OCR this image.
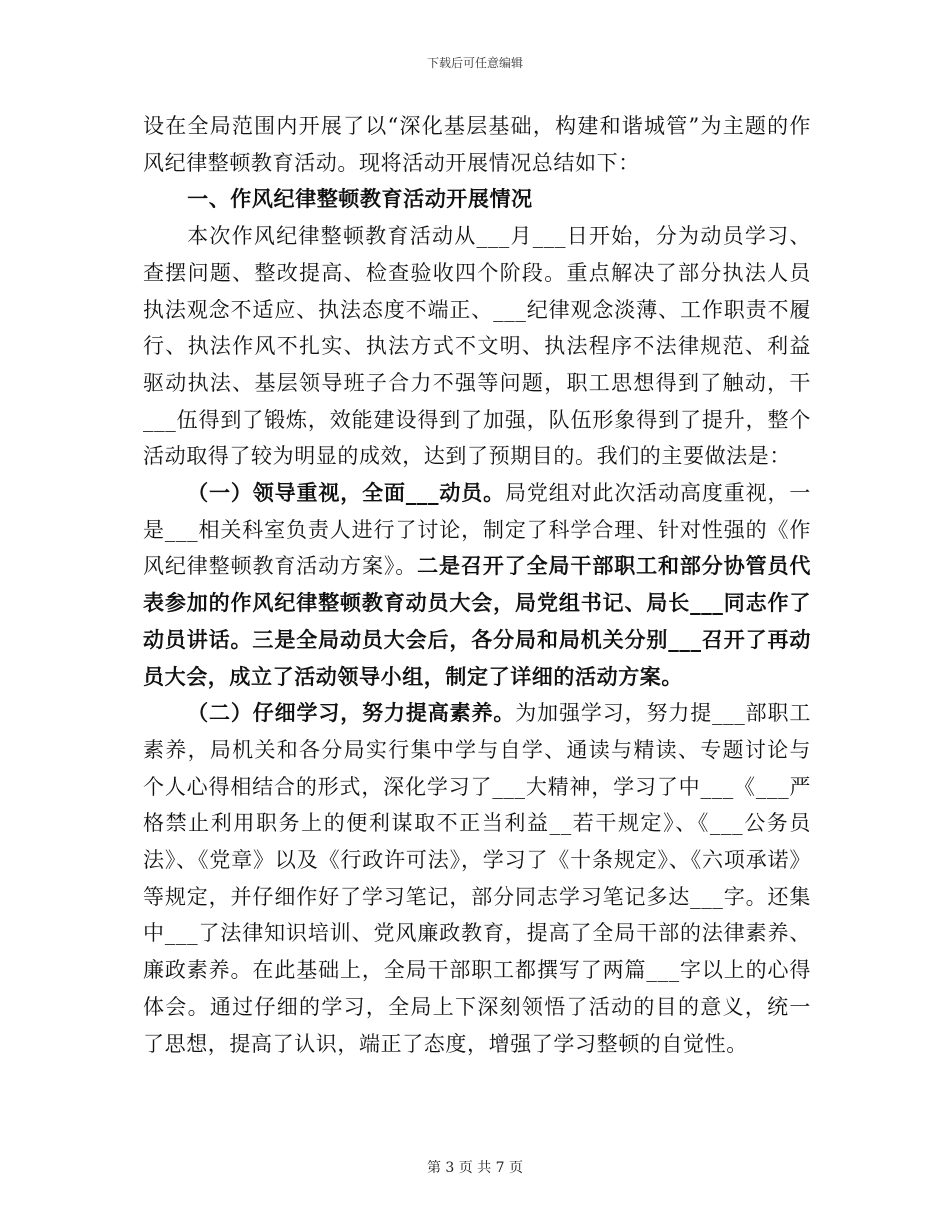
下载后可任意编辑

设在全局范围内开展了以“深化基层基础，构建和谐城管”为主题的作风纪律整顿教育活动。现将活动开展情况总结如下：

一、作风纪律整顿教育活动开展情况

本次作风纪律整顿教育活动从___月___日开始，分为动员学习、查摆问题、整改提高、检查验收四个阶段。重点解决了部分执法人员执法观念不适应、执法态度不端正、___纪律观念淡薄、工作职责不履行、执法作风不扎实、执法方式不文明、执法程序不法律规范、利益驱动执法、基层领导班子合力不强等问题，职工思想得到了触动，干___伍得到了锻炼，效能建设得到了加强，队伍形象得到了提升，整个活动取得了较为明显的成效，达到了预期目的。我们的主要做法是：

（一）领导重视，全面___动员。局党组对此次活动高度重视，一是___相关科室负责人进行了讨论，制定了科学合理、针对性强的《作风纪律整顿教育活动方案》。二是召开了全局干部职工和部分协管员代表参加的作风纪律整顿教育动员大会，局党组书记、局长___同志作了动员讲话。三是全局动员大会后，各分局和局机关分别___召开了再动员大会，成立了活动领导小组，制定了详细的活动方案。

（二）仔细学习，努力提高素养。为加强学习，努力提___部职工素养，局机关和各分局实行集中学与自学、通读与精读、专题讨论与个人心得相结合的形式，深化学习了___大精神，学习了中___《___严格禁止利用职务上的便利谋取不正当利益__若干规定》、《___公务员法》、《党章》以及《行政许可法》，学习了《十条规定》、《六项承诺》等规定，并仔细作好了学习笔记，部分同志学习笔记多达___字。还集中___了法律知识培训、党风廉政教育，提高了全局干部的法律素养、廉政素养。在此基础上，全局干部职工都撰写了两篇___字以上的心得体会。通过仔细的学习，全局上下深刻领悟了活动的目的意义，统一了思想，提高了认识，端正了态度，增强了学习整顿的自觉性。

第 3 页 共 7 页
